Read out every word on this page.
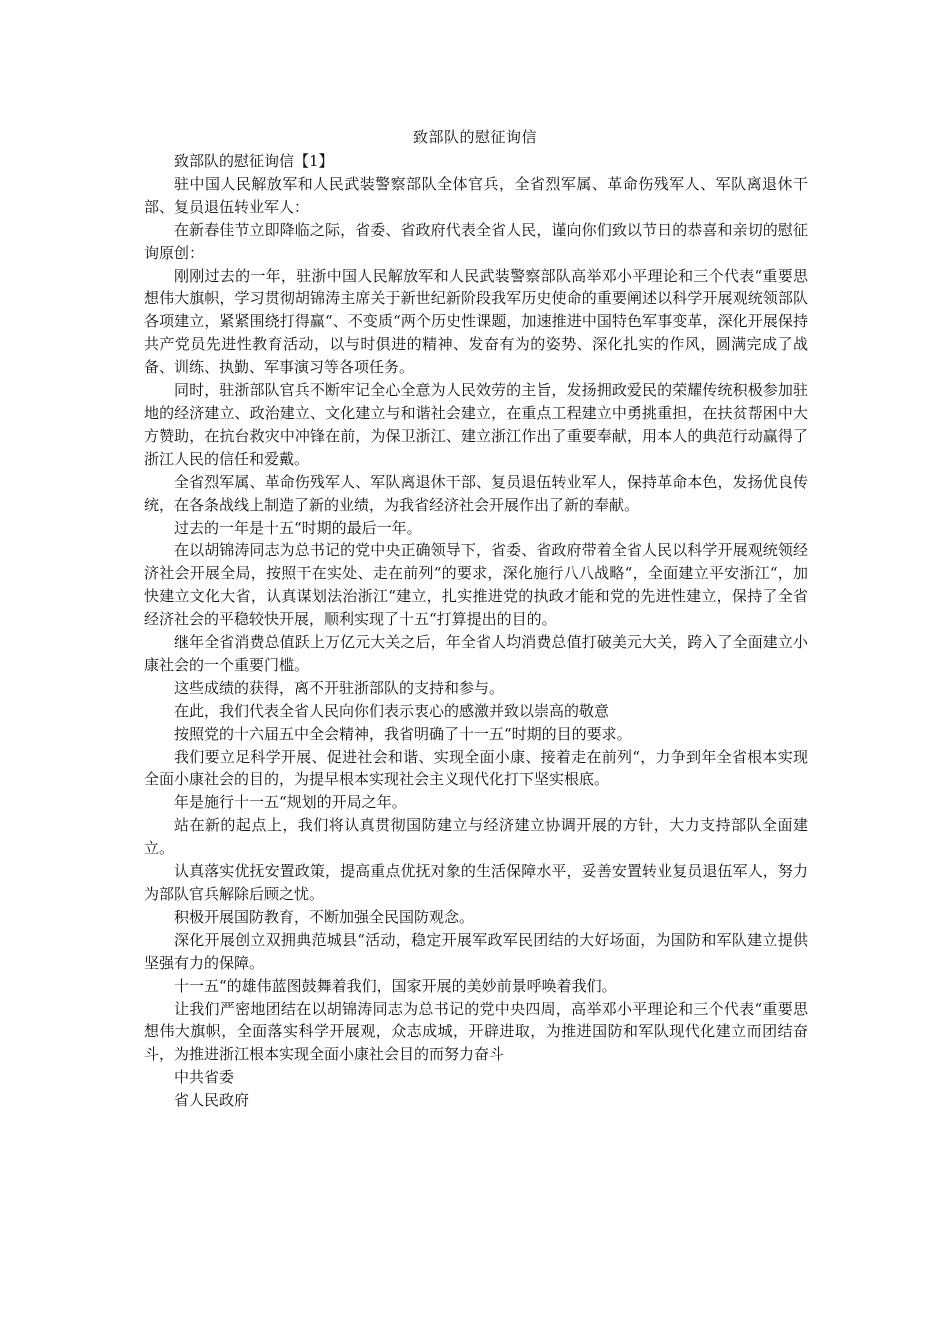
致部队的慰征询信

致部队的慰征询信【1】

驻中国人民解放军和人民武装警察部队全体官兵，全省烈军属、革命伤残军人、军队离退休干部、复员退伍转业军人：

在新春佳节立即降临之际，省委、省政府代表全省人民，谨向你们致以节日的恭喜和亲切的慰征询原创：

刚刚过去的一年，驻浙中国人民解放军和人民武装警察部队高举邓小平理论和三个代表“重要思想伟大旗帜，学习贯彻胡锦涛主席关于新世纪新阶段我军历史使命的重要阐述以科学开展观统领部队各项建立，紧紧围绕打得赢“、不变质“两个历史性课题，加速推进中国特色军事变革，深化开展保持共产党员先进性教育活动，以与时俱进的精神、发奋有为的姿势、深化扎实的作风，圆满完成了战备、训练、执勤、军事演习等各项任务。

同时，驻浙部队官兵不断牢记全心全意为人民效劳的主旨，发扬拥政爱民的荣耀传统积极参加驻地的经济建立、政治建立、文化建立与和谐社会建立，在重点工程建立中勇挑重担，在扶贫帮困中大方赞助，在抗台救灾中冲锋在前，为保卫浙江、建立浙江作出了重要奉献，用本人的典范行动赢得了浙江人民的信任和爱戴。

全省烈军属、革命伤残军人、军队离退休干部、复员退伍转业军人，保持革命本色，发扬优良传统，在各条战线上制造了新的业绩，为我省经济社会开展作出了新的奉献。

过去的一年是十五“时期的最后一年。

在以胡锦涛同志为总书记的党中央正确领导下，省委、省政府带着全省人民以科学开展观统领经济社会开展全局，按照干在实处、走在前列“的要求，深化施行八八战略“，全面建立平安浙江“，加快建立文化大省，认真谋划法治浙江“建立，扎实推进党的执政才能和党的先进性建立，保持了全省经济社会的平稳较快开展，顺利实现了十五“打算提出的目的。

继年全省消费总值跃上万亿元大关之后，年全省人均消费总值打破美元大关，跨入了全面建立小康社会的一个重要门槛。

这些成绩的获得，离不开驻浙部队的支持和参与。

在此，我们代表全省人民向你们表示衷心的感激并致以崇高的敬意

按照党的十六届五中全会精神，我省明确了十一五“时期的目的要求。

我们要立足科学开展、促进社会和谐、实现全面小康、接着走在前列“，力争到年全省根本实现全面小康社会的目的，为提早根本实现社会主义现代化打下坚实根底。

年是施行十一五“规划的开局之年。

站在新的起点上，我们将认真贯彻国防建立与经济建立协调开展的方针，大力支持部队全面建立。

认真落实优抚安置政策，提高重点优抚对象的生活保障水平，妥善安置转业复员退伍军人，努力为部队官兵解除后顾之忧。

积极开展国防教育，不断加强全民国防观念。

深化开展创立双拥典范城县“活动，稳定开展军政军民团结的大好场面，为国防和军队建立提供坚强有力的保障。

十一五“的雄伟蓝图鼓舞着我们，国家开展的美妙前景呼唤着我们。

让我们严密地团结在以胡锦涛同志为总书记的党中央四周，高举邓小平理论和三个代表“重要思想伟大旗帜，全面落实科学开展观，众志成城，开辟进取，为推进国防和军队现代化建立而团结奋斗，为推进浙江根本实现全面小康社会目的而努力奋斗

中共省委

省人民政府
